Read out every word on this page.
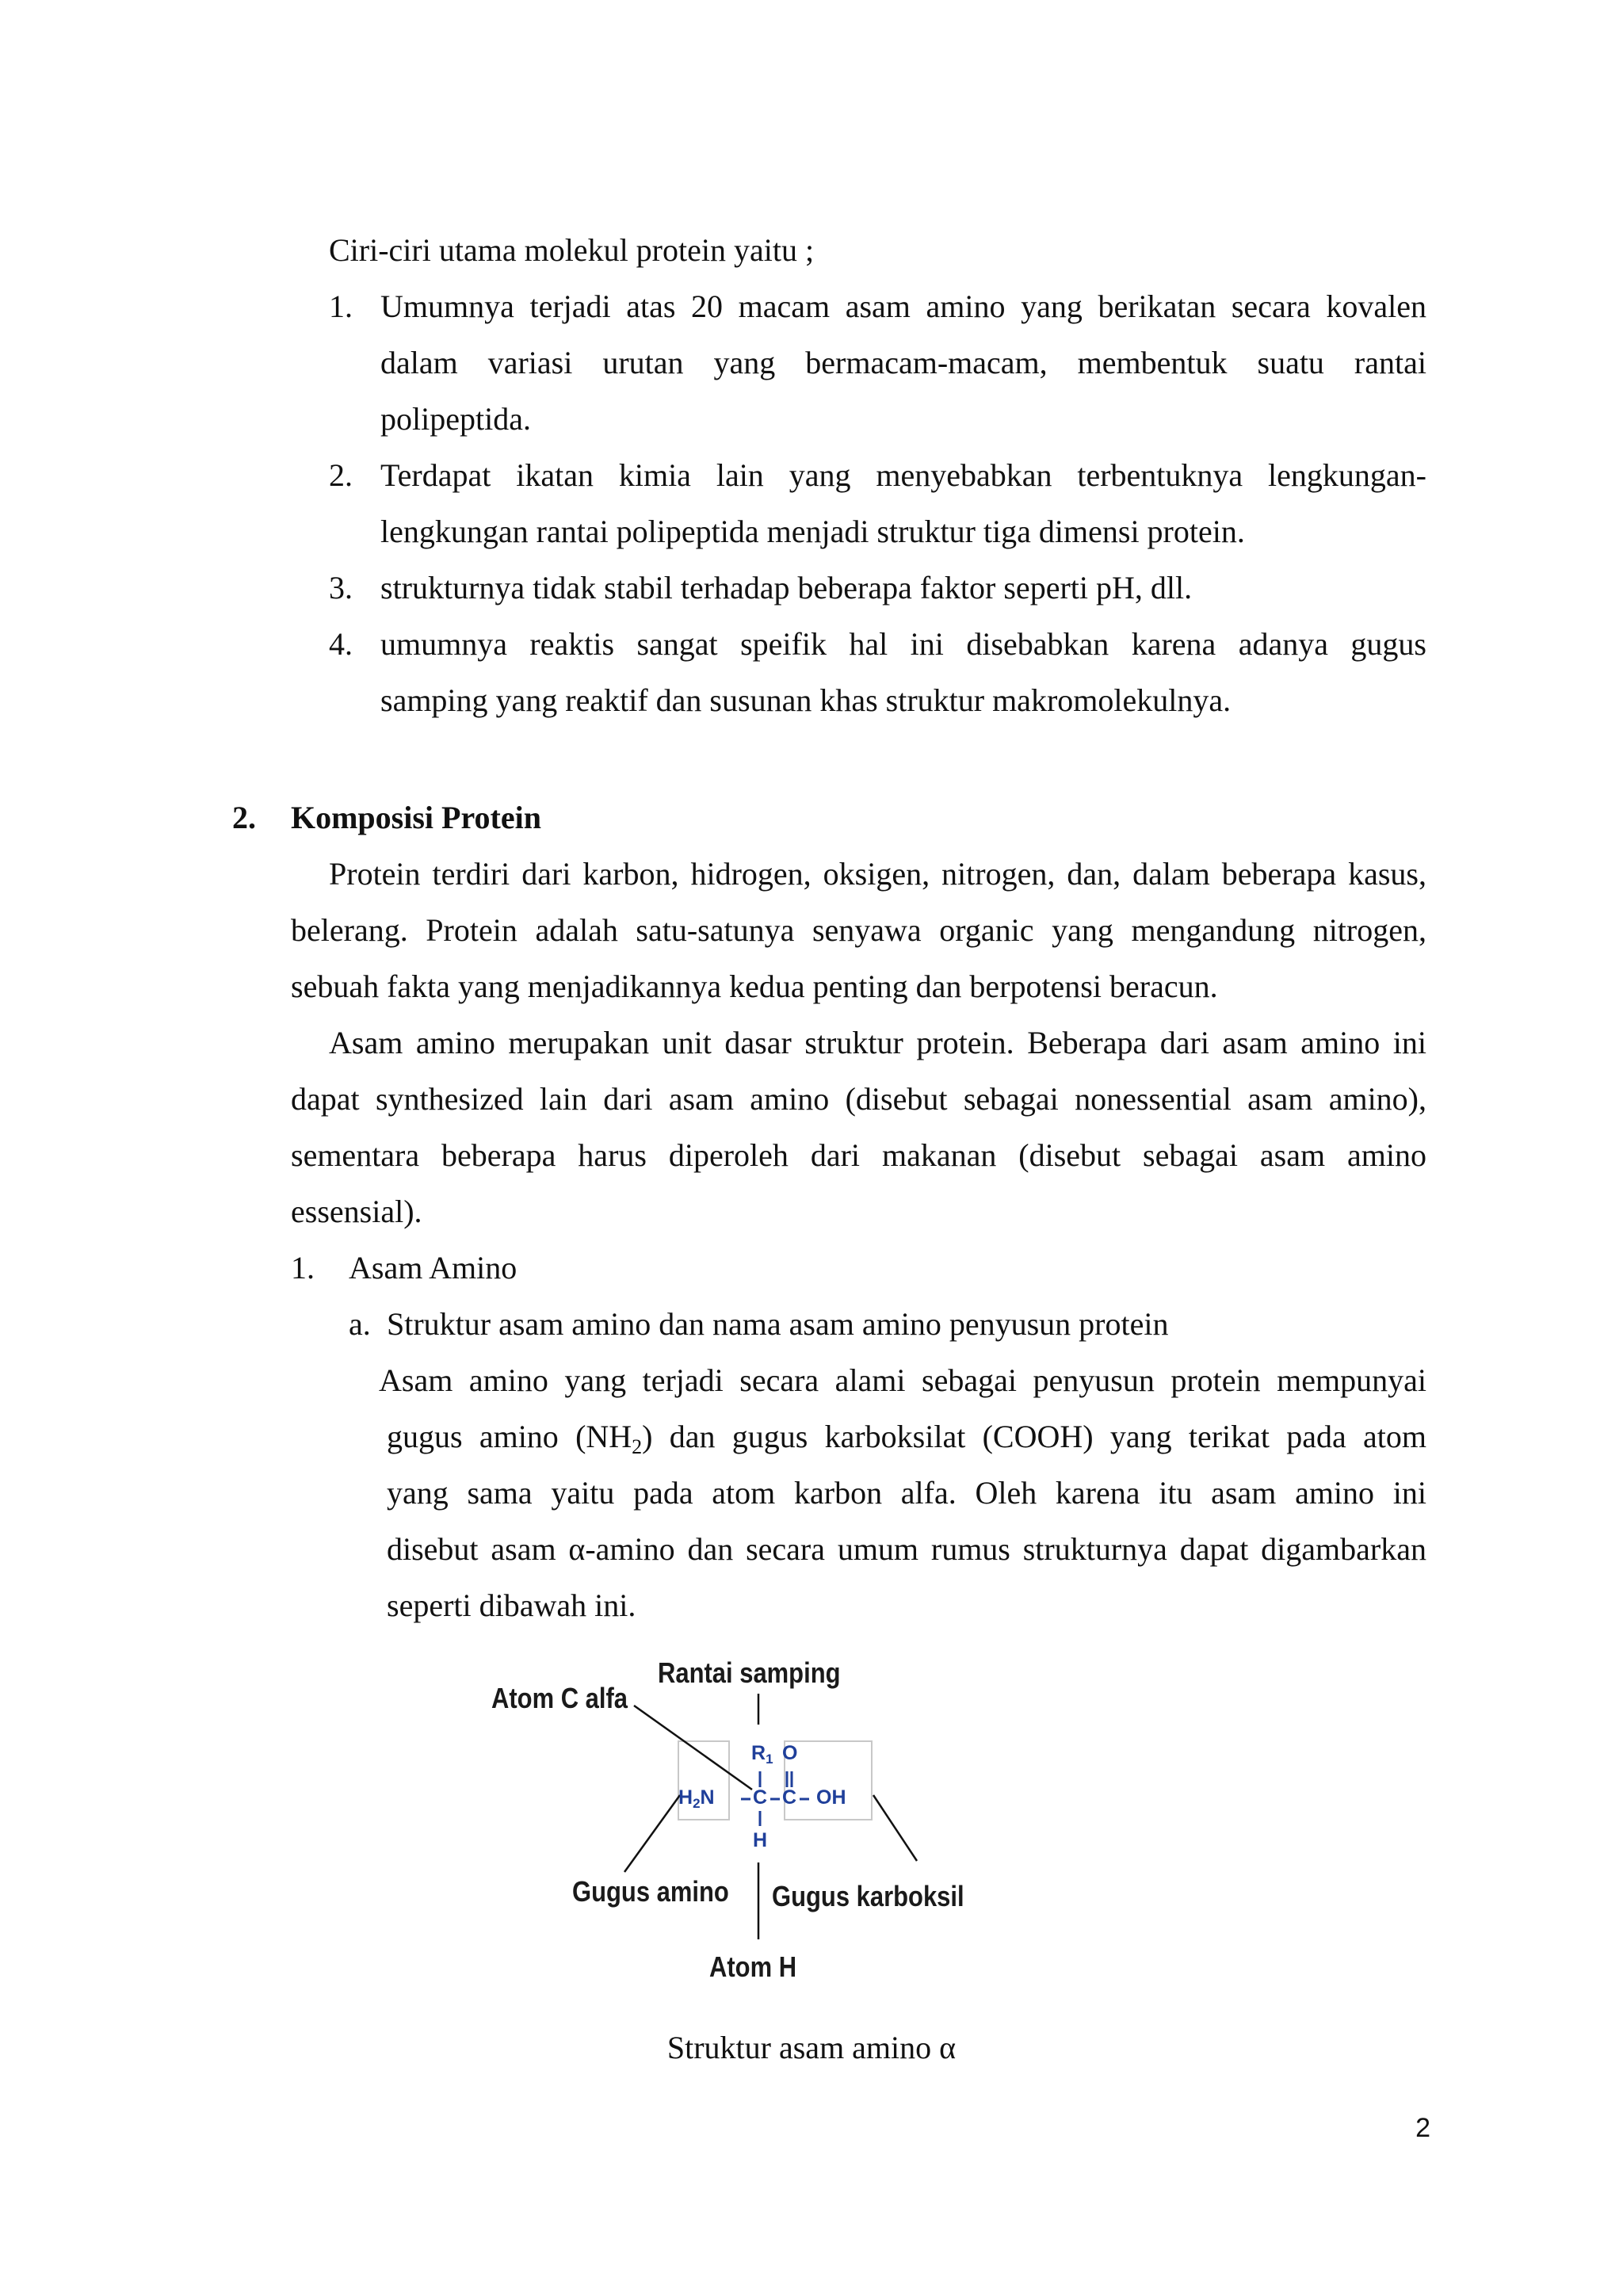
Ciri-ciri utama molekul protein yaitu ;

1. Umumnya terjadi atas 20 macam asam amino yang berikatan secara kovalen

dalam variasi urutan yang bermacam-macam, membentuk suatu rantai

polipeptida.

2. Terdapat ikatan kimia lain yang menyebabkan terbentuknya lengkungan-

lengkungan rantai polipeptida menjadi struktur tiga dimensi protein.

3. strukturnya tidak stabil terhadap beberapa faktor seperti pH, dll.

4. umumnya reaktis sangat speifik hal ini disebabkan karena adanya gugus

samping yang reaktif dan susunan khas struktur makromolekulnya.

2. Komposisi Protein

Protein terdiri dari karbon, hidrogen, oksigen, nitrogen, dan, dalam beberapa kasus,

belerang. Protein adalah satu-satunya senyawa organic yang mengandung nitrogen,

sebuah fakta yang menjadikannya kedua penting dan berpotensi beracun.

Asam amino merupakan unit dasar struktur protein. Beberapa dari asam amino ini

dapat synthesized lain dari asam amino (disebut sebagai nonessential asam amino),

sementara beberapa harus diperoleh dari makanan (disebut sebagai asam amino

essensial).

1. Asam Amino
a. Struktur asam amino dan nama asam amino penyusun protein

Asam amino yang terjadi secara alami sebagai penyusun protein mempunyai

gugus amino $(NH_2)$ dan gugus karboksilat (COOH) yang terikat pada atom

yang sama yaitu pada atom karbon alfa. Oleh karena itu asam amino ini

disebut asam α-amino dan secara umum rumus strukturnya dapat digambarkan

seperti dibawah ini.

Rantai samping
Atom C alfa
Gugus amino Gugus karboksil
Atom H
$R_1$ O
$H_2N$ C C OH
H
Struktur asam amino α
2
